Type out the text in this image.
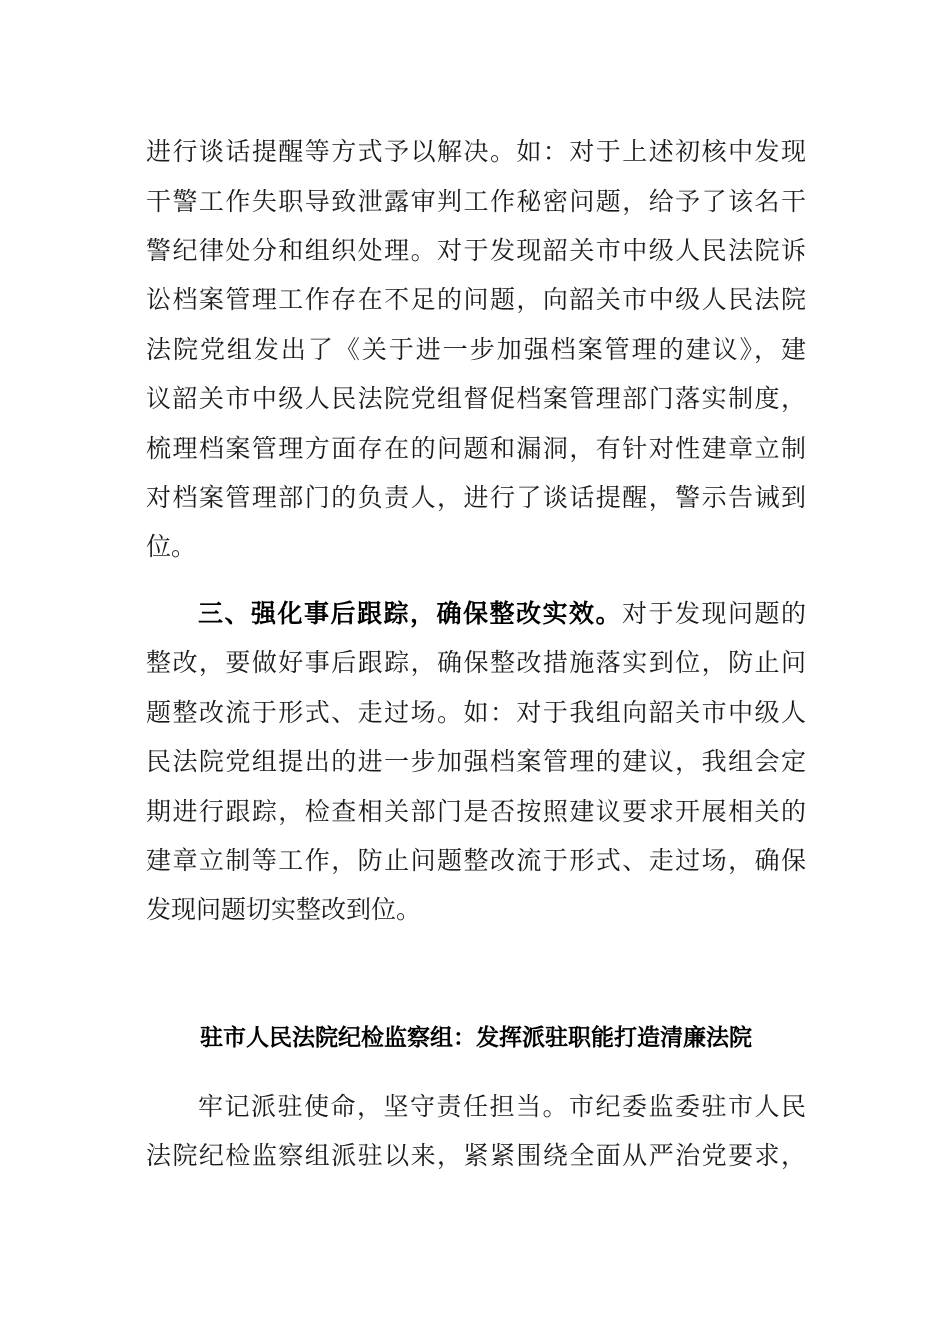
进行谈话提醒等方式予以解决。如：对于上述初核中发现
干警工作失职导致泄露审判工作秘密问题，给予了该名干
警纪律处分和组织处理。对于发现韶关市中级人民法院诉
讼档案管理工作存在不足的问题，向韶关市中级人民法院
法院党组发出了《关于进一步加强档案管理的建议》，建
议韶关市中级人民法院党组督促档案管理部门落实制度，
梳理档案管理方面存在的问题和漏洞，有针对性建章立制
对档案管理部门的负责人，进行了谈话提醒，警示告诫到
位。
三、强化事后跟踪，确保整改实效。对于发现问题的
整改，要做好事后跟踪，确保整改措施落实到位，防止问
题整改流于形式、走过场。如：对于我组向韶关市中级人
民法院党组提出的进一步加强档案管理的建议，我组会定
期进行跟踪，检查相关部门是否按照建议要求开展相关的
建章立制等工作，防止问题整改流于形式、走过场，确保
发现问题切实整改到位。
驻市人民法院纪检监察组：发挥派驻职能打造清廉法院
牢记派驻使命，坚守责任担当。市纪委监委驻市人民
法院纪检监察组派驻以来，紧紧围绕全面从严治党要求，
